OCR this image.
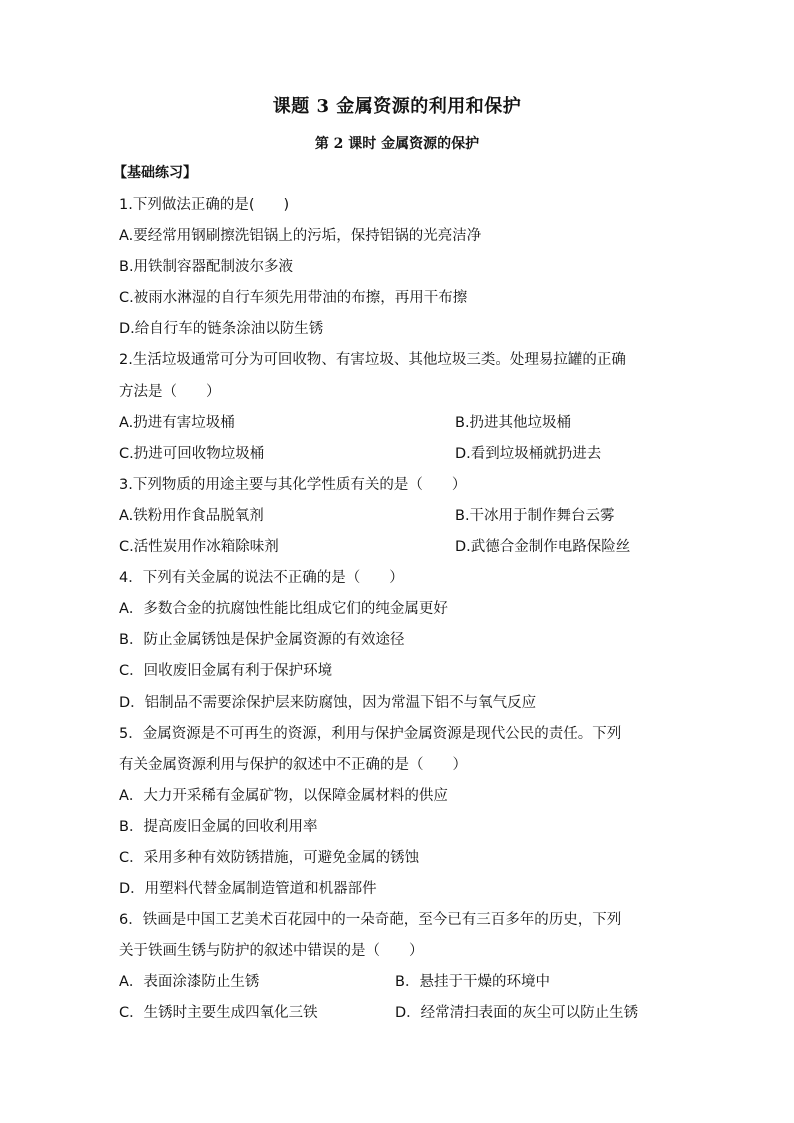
课题 3 金属资源的利用和保护
第 2 课时 金属资源的保护
【基础练习】
1.下列做法正确的是(　　)
A.要经常用钢刷擦洗铝锅上的污垢，保持铝锅的光亮洁净
B.用铁制容器配制波尔多液
C.被雨水淋湿的自行车须先用带油的布擦，再用干布擦
D.给自行车的链条涂油以防生锈
2.生活垃圾通常可分为可回收物、有害垃圾、其他垃圾三类。处理易拉罐的正确
方法是（　　）
A.扔进有害垃圾桶	B.扔进其他垃圾桶
C.扔进可回收物垃圾桶	D.看到垃圾桶就扔进去
3.下列物质的用途主要与其化学性质有关的是（　　）
A.铁粉用作食品脱氧剂	B.干冰用于制作舞台云雾
C.活性炭用作冰箱除味剂	D.武德合金制作电路保险丝
4．下列有关金属的说法不正确的是（　　）
A．多数合金的抗腐蚀性能比组成它们的纯金属更好
B．防止金属锈蚀是保护金属资源的有效途径
C．回收废旧金属有利于保护环境
D．铝制品不需要涂保护层来防腐蚀，因为常温下铝不与氧气反应
5．金属资源是不可再生的资源，利用与保护金属资源是现代公民的责任。下列
有关金属资源利用与保护的叙述中不正确的是（　　）
A．大力开采稀有金属矿物，以保障金属材料的供应
B．提高废旧金属的回收利用率
C．采用多种有效防锈措施，可避免金属的锈蚀
D．用塑料代替金属制造管道和机器部件
6．铁画是中国工艺美术百花园中的一朵奇葩，至今已有三百多年的历史，下列
关于铁画生锈与防护的叙述中错误的是（　　）
A．表面涂漆防止生锈	B．悬挂于干燥的环境中
C．生锈时主要生成四氧化三铁	D．经常清扫表面的灰尘可以防止生锈
